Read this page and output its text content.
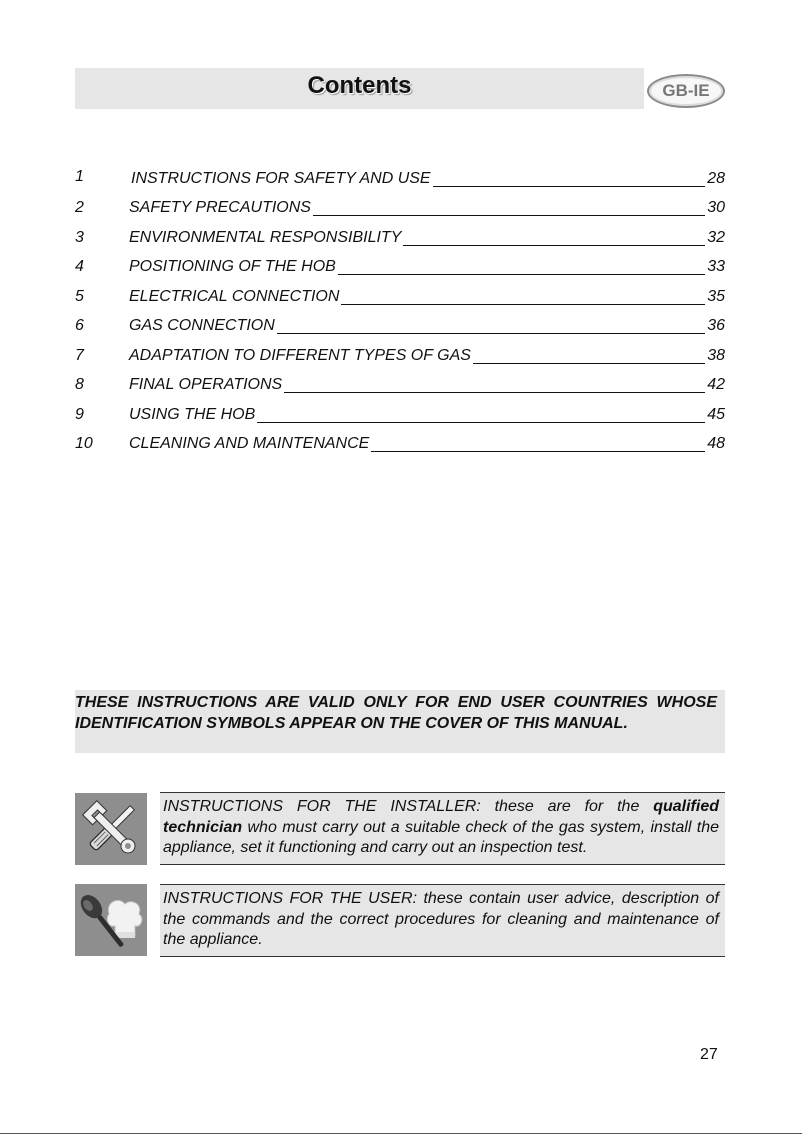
Contents	GB-IE
1	INSTRUCTIONS FOR SAFETY AND USE	28
2	SAFETY PRECAUTIONS	30
3	ENVIRONMENTAL RESPONSIBILITY	32
4	POSITIONING OF THE HOB	33
5	ELECTRICAL CONNECTION	35
6	GAS CONNECTION	36
7	ADAPTATION TO DIFFERENT TYPES OF GAS	38
8	FINAL OPERATIONS	42
9	USING THE HOB	45
10 CLEANING AND MAINTENANCE	48
THESE INSTRUCTIONS ARE VALID ONLY FOR END USER COUNTRIES WHOSE IDENTIFICATION SYMBOLS APPEAR ON THE COVER OF THIS MANUAL.
INSTRUCTIONS FOR THE INSTALLER: these are for the qualified technician who must carry out a suitable check of the gas system, install the appliance, set it functioning and carry out an inspection test.
INSTRUCTIONS FOR THE USER: these contain user advice, description of the commands and the correct procedures for cleaning and maintenance of the appliance.
27
